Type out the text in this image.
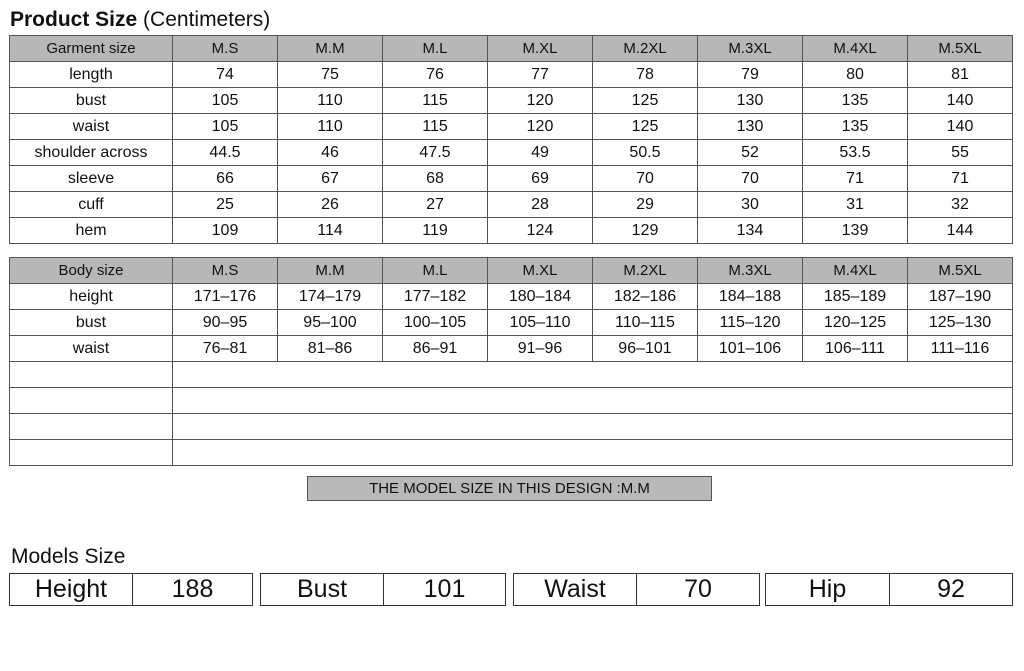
Product Size (Centimeters)
Garment size	M.S	M.M	M.L	M.XL	M.2XL	M.3XL	M.4XL	M.5XL
length	74	75	76	77	78	79	80	81
bust	105	110	115	120	125	130	135	140
waist	105	110	115	120	125	130	135	140
shoulder across	44.5	46	47.5	49	50.5	52	53.5	55
sleeve	66	67	68	69	70	70	71	71
cuff	25	26	27	28	29	30	31	32
hem	109	114	119	124	129	134	139	144
Body size	M.S	M.M	M.L	M.XL	M.2XL	M.3XL	M.4XL	M.5XL
height	171–176	174–179	177–182	180–184	182–186	184–188	185–189	187–190
bust	90–95	95–100	100–105	105–110	110–115	115–120	120–125	125–130
waist	76–81	81–86	86–91	91–96	96–101	101–106	106–111	111–116

THE MODEL SIZE IN THIS DESIGN :M.M
Models Size
Height	188	Bust	101	Waist	70	Hip	92
